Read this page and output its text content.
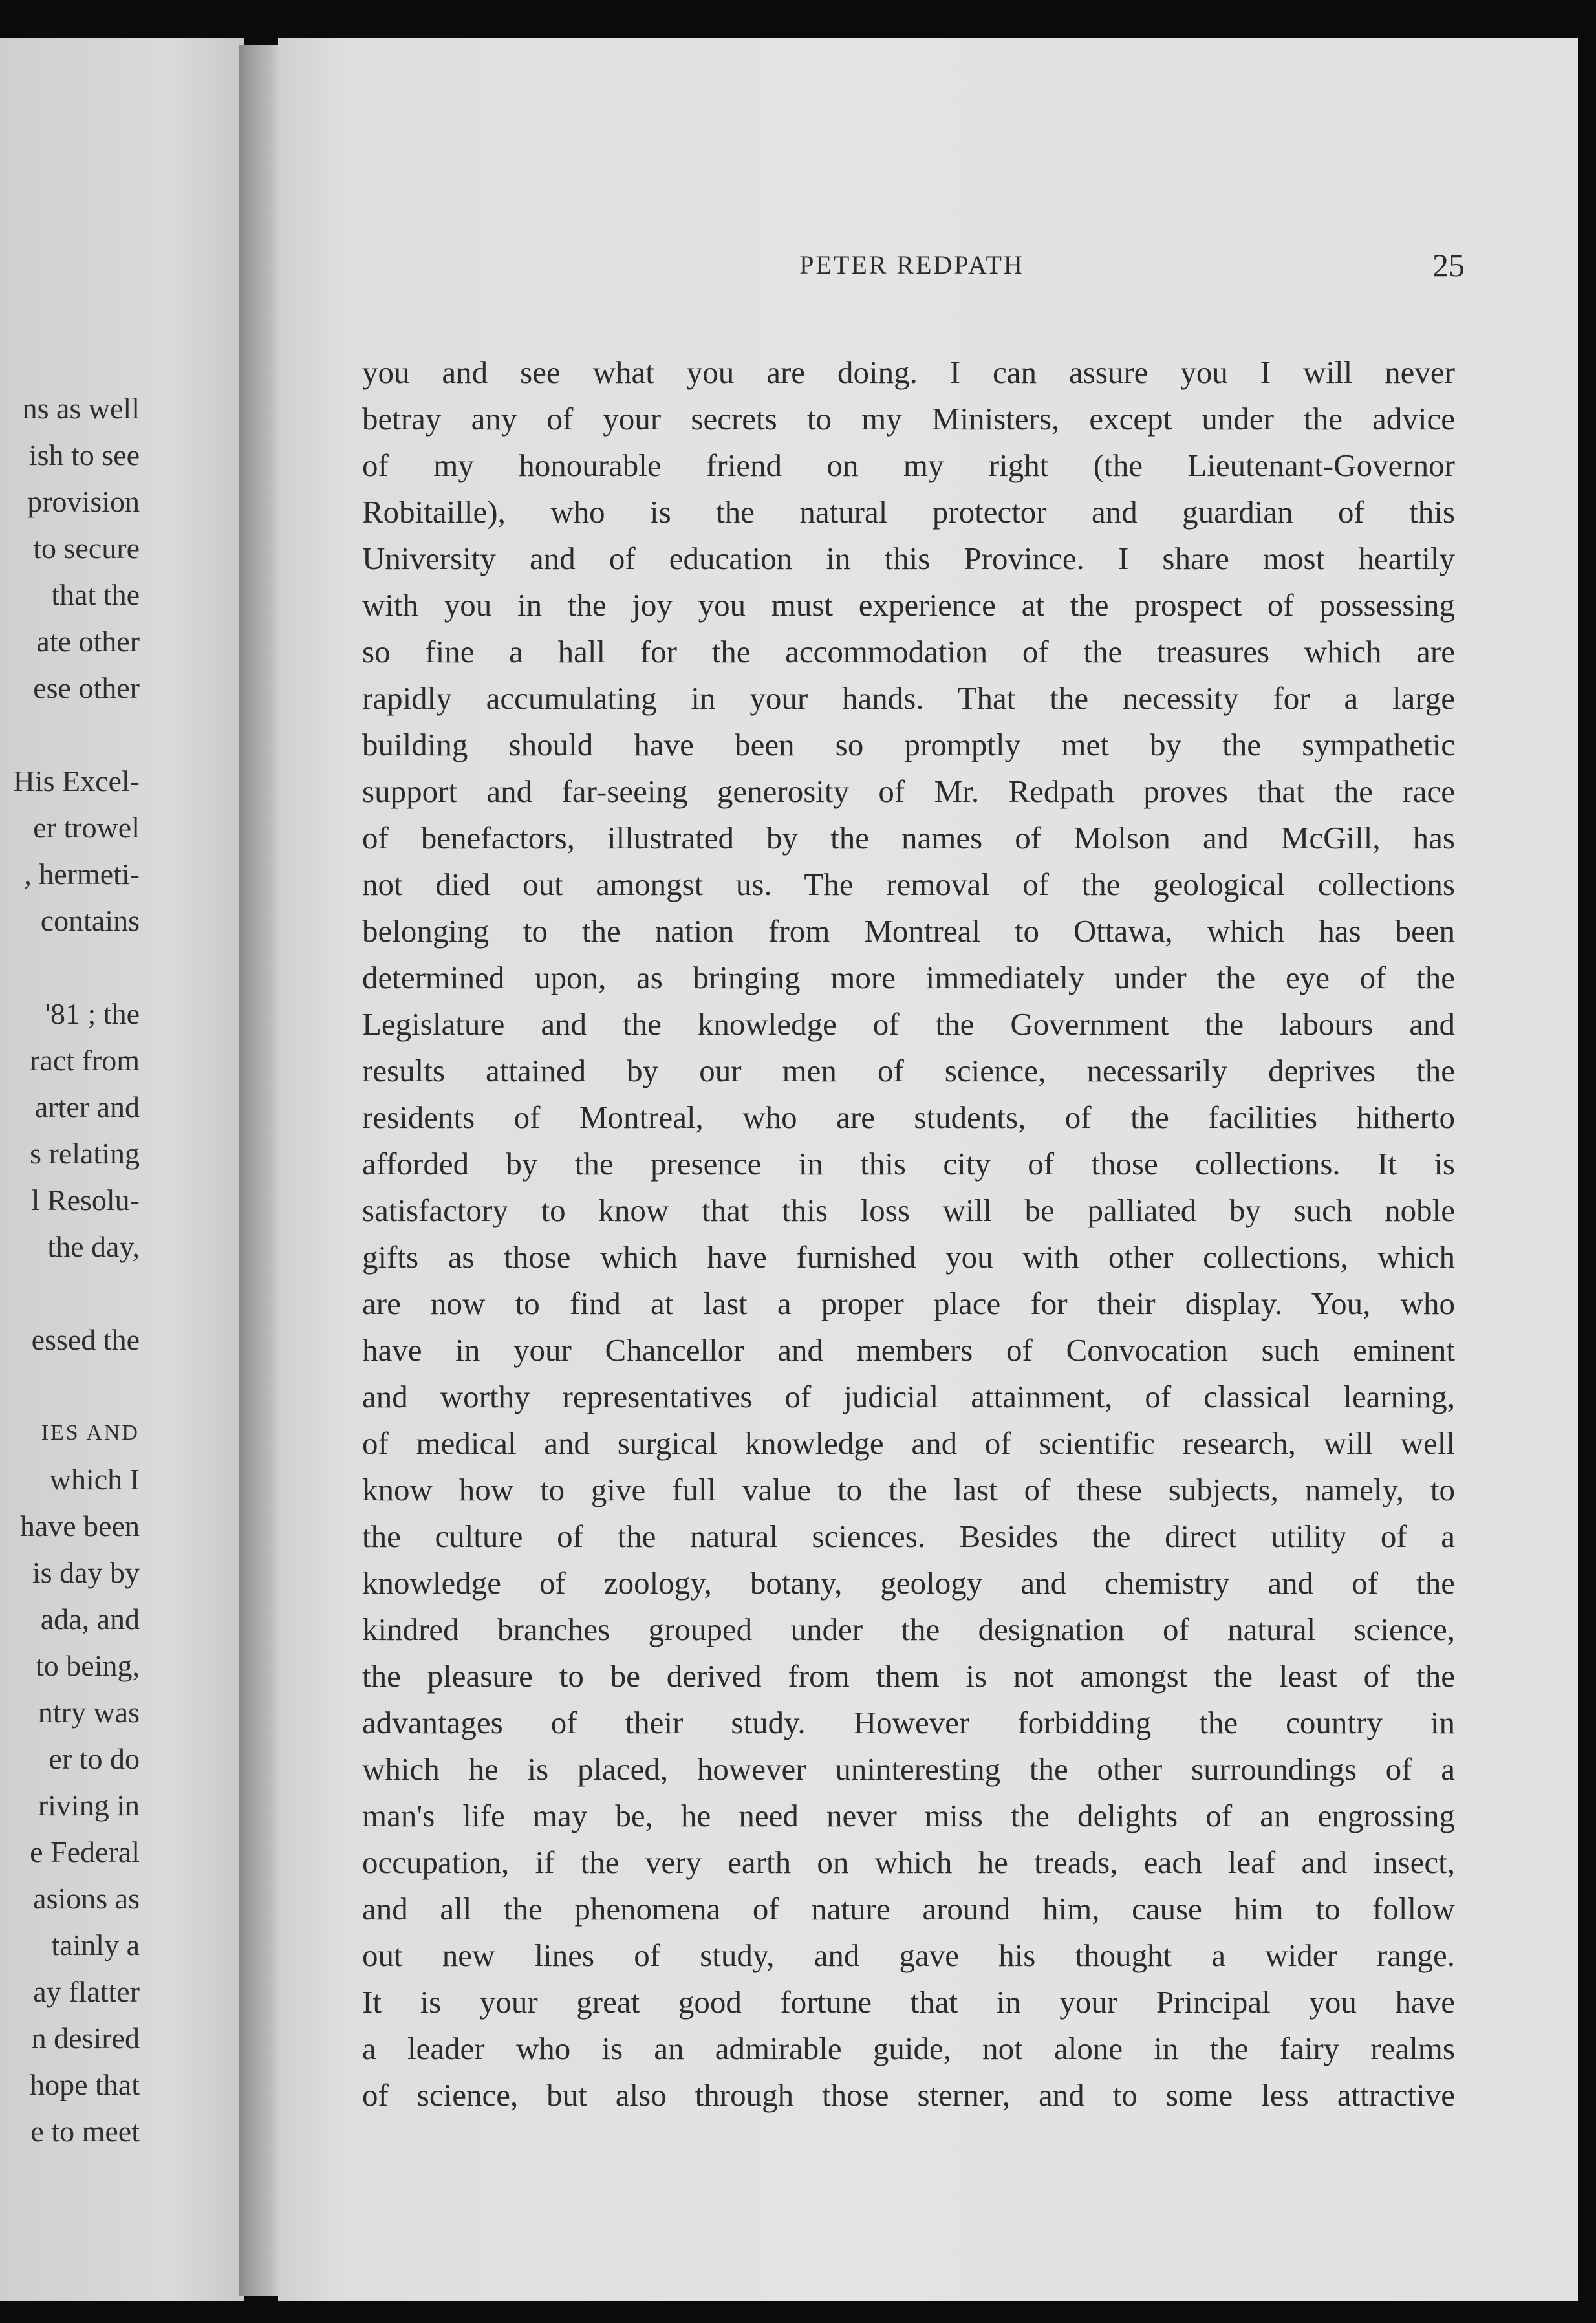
ns as well
ish to see
provision
to secure
that the
ate other
ese other
His Excel-
er trowel
, hermeti-
contains
'81 ; the
ract from
arter and
s relating
l Resolu-
the day,
essed the
IES AND
which I
have been
is day by
ada, and
to being,
ntry was
er to do
riving in
e Federal
asions as
tainly a
ay flatter
n desired
hope that
e to meet
PETER REDPATH	25
you and see what you are doing. I can assure you I will never
betray any of your secrets to my Ministers, except under the advice
of my honourable friend on my right (the Lieutenant-Governor
Robitaille), who is the natural protector and guardian of this
University and of education in this Province. I share most heartily
with you in the joy you must experience at the prospect of possessing
so fine a hall for the accommodation of the treasures which are
rapidly accumulating in your hands. That the necessity for a large
building should have been so promptly met by the sympathetic
support and far-seeing generosity of Mr. Redpath proves that the race
of benefactors, illustrated by the names of Molson and McGill, has
not died out amongst us. The removal of the geological collections
belonging to the nation from Montreal to Ottawa, which has been
determined upon, as bringing more immediately under the eye of the
Legislature and the knowledge of the Government the labours and
results attained by our men of science, necessarily deprives the
residents of Montreal, who are students, of the facilities hitherto
afforded by the presence in this city of those collections. It is
satisfactory to know that this loss will be palliated by such noble
gifts as those which have furnished you with other collections, which
are now to find at last a proper place for their display. You, who
have in your Chancellor and members of Convocation such eminent
and worthy representatives of judicial attainment, of classical learning,
of medical and surgical knowledge and of scientific research, will well
know how to give full value to the last of these subjects, namely, to
the culture of the natural sciences. Besides the direct utility of a
knowledge of zoology, botany, geology and chemistry and of the
kindred branches grouped under the designation of natural science,
the pleasure to be derived from them is not amongst the least of the
advantages of their study. However forbidding the country in
which he is placed, however uninteresting the other surroundings of a
man's life may be, he need never miss the delights of an engrossing
occupation, if the very earth on which he treads, each leaf and insect,
and all the phenomena of nature around him, cause him to follow
out new lines of study, and gave his thought a wider range.
It is your great good fortune that in your Principal you have
a leader who is an admirable guide, not alone in the fairy realms
of science, but also through those sterner, and to some less attractive
